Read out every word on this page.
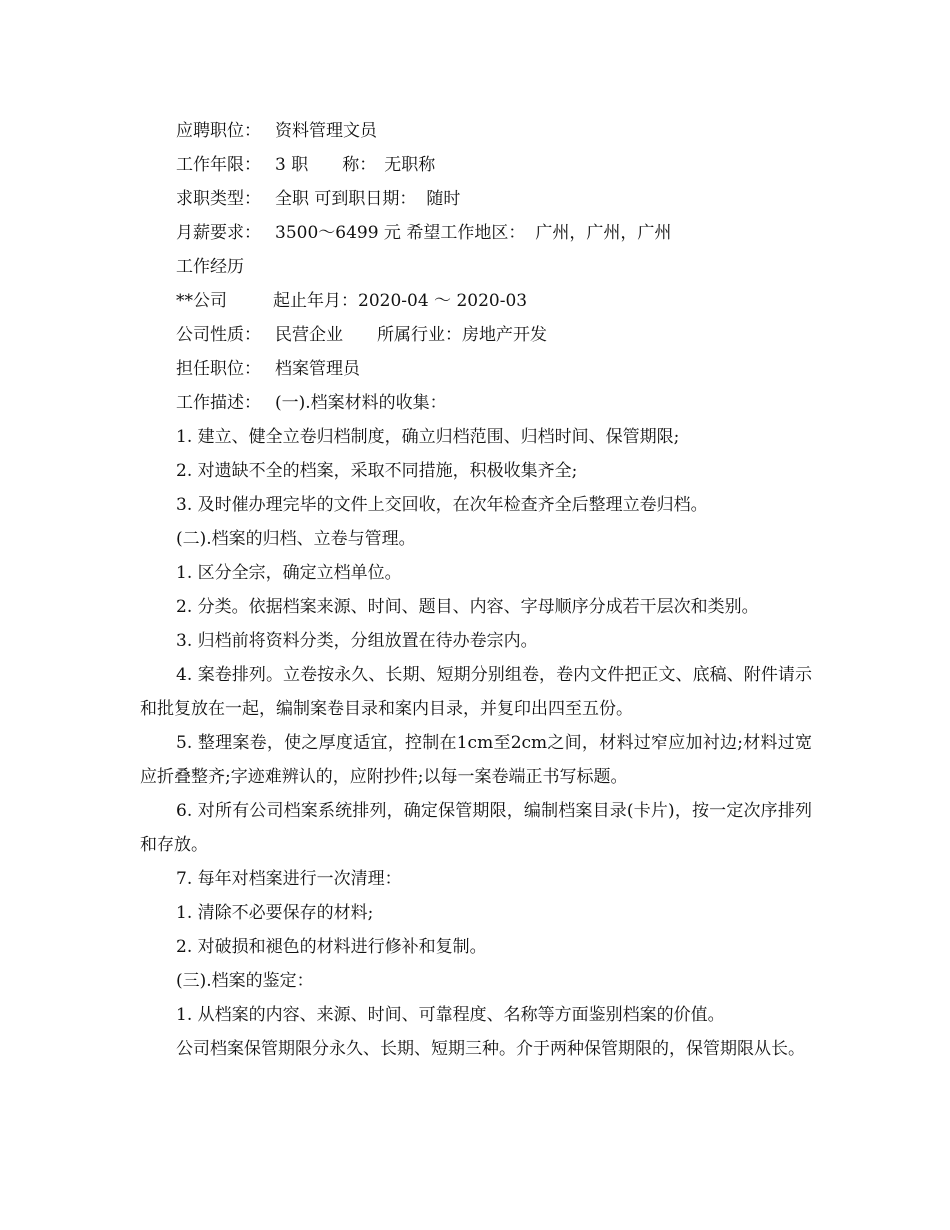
应聘职位： 资料管理文员
工作年限： 3 职 称： 无职称
求职类型： 全职 可到职日期： 随时
月薪要求： 3500～6499 元 希望工作地区： 广州，广州，广州
工作经历
**公司	起止年月：2020-04 ～ 2020-03
公司性质： 民营企业 所属行业：房地产开发
担任职位： 档案管理员
工作描述： (一).档案材料的收集：
1. 建立、健全立卷归档制度，确立归档范围、归档时间、保管期限;
2. 对遗缺不全的档案，采取不同措施，积极收集齐全;
3. 及时催办理完毕的文件上交回收，在次年检查齐全后整理立卷归档。
(二).档案的归档、立卷与管理。
1. 区分全宗，确定立档单位。
2. 分类。依据档案来源、时间、题目、内容、字母顺序分成若干层次和类别。
3. 归档前将资料分类，分组放置在待办卷宗内。
4. 案卷排列。立卷按永久、长期、短期分别组卷，卷内文件把正文、底稿、附件请示和批复放在一起，编制案卷目录和案内目录，并复印出四至五份。
5. 整理案卷，使之厚度适宜，控制在1cm至2cm之间，材料过窄应加衬边;材料过宽应折叠整齐;字迹难辨认的，应附抄件;以每一案卷端正书写标题。
6. 对所有公司档案系统排列，确定保管期限，编制档案目录(卡片)，按一定次序排列和存放。
7. 每年对档案进行一次清理：
1. 清除不必要保存的材料;
2. 对破损和褪色的材料进行修补和复制。
(三).档案的鉴定：
1. 从档案的内容、来源、时间、可靠程度、名称等方面鉴别档案的价值。
公司档案保管期限分永久、长期、短期三种。介于两种保管期限的，保管期限从长。
